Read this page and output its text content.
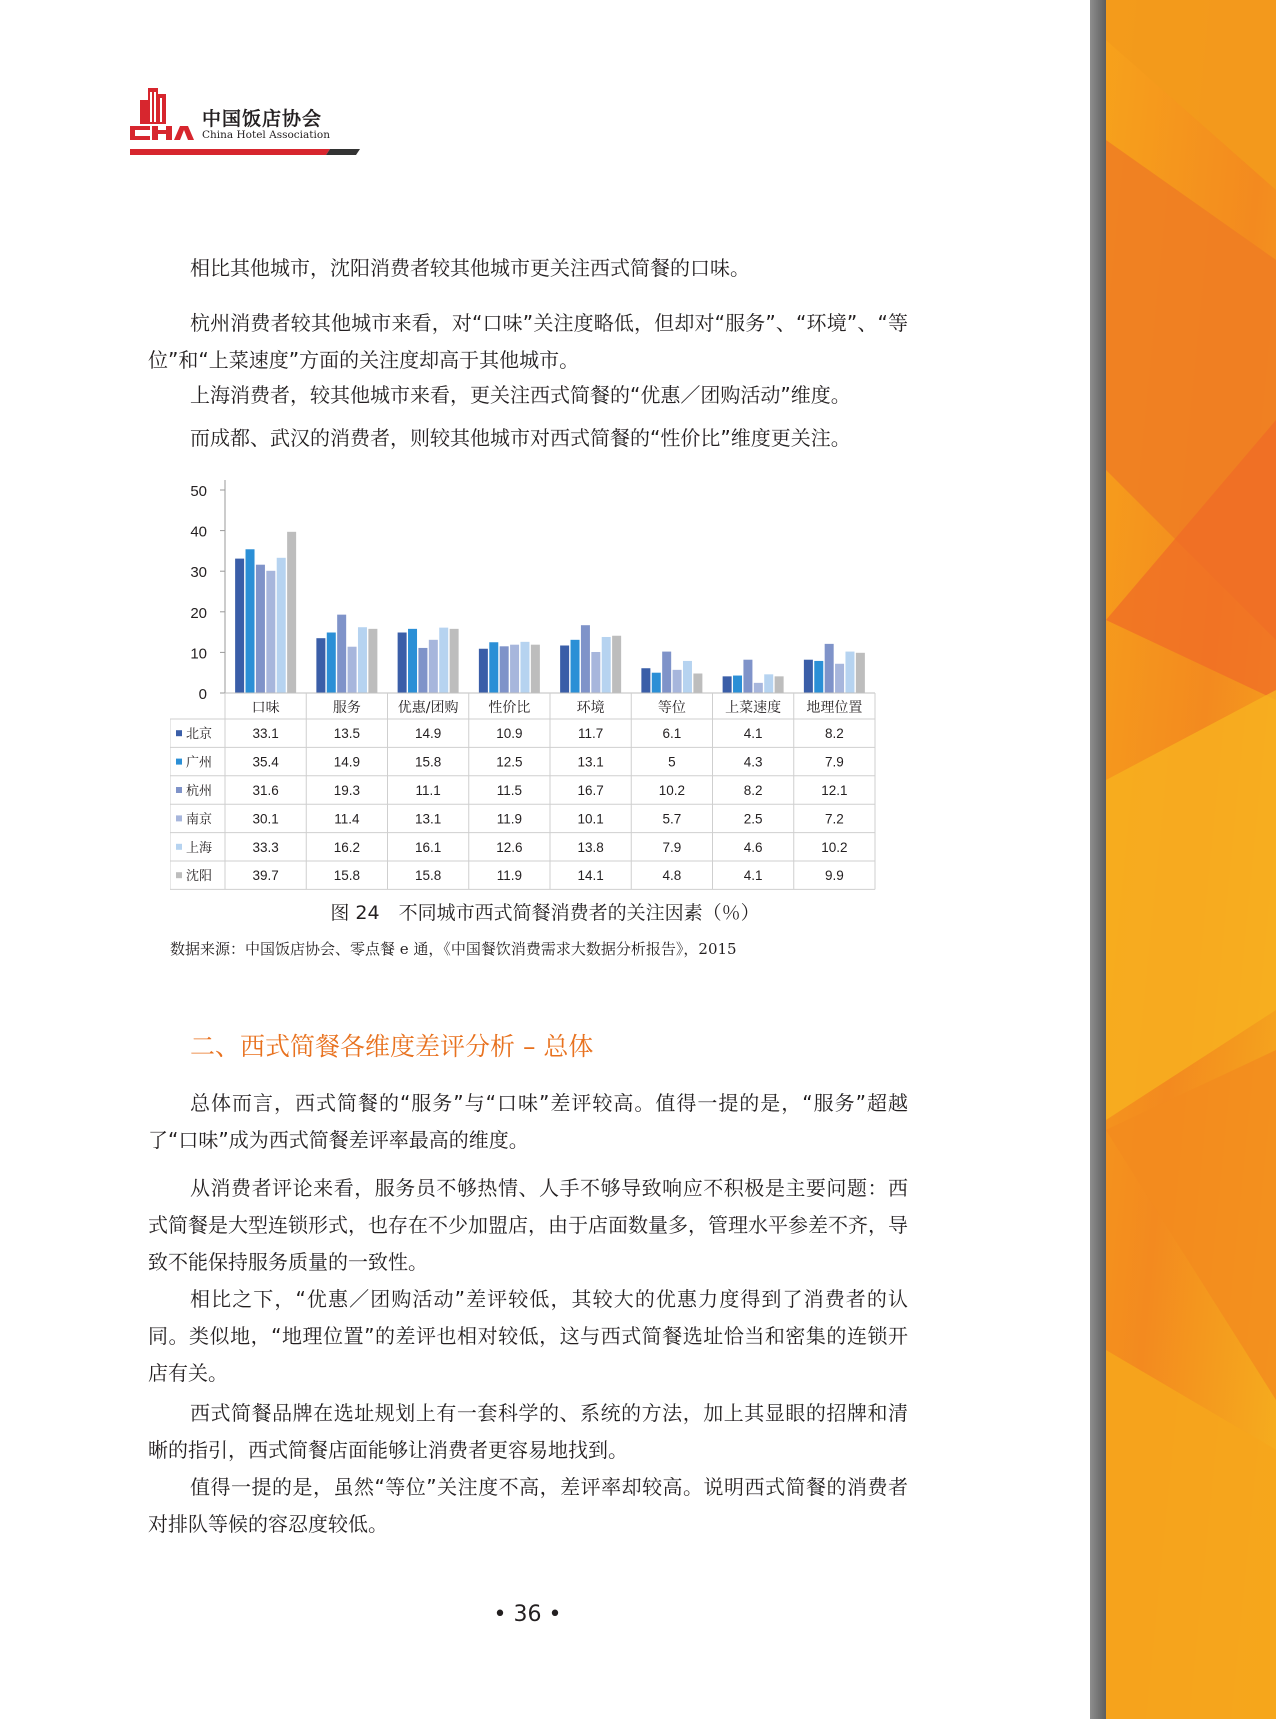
中国饭店协会
China Hotel Association

相比其他城市，沈阳消费者较其他城市更关注西式简餐的口味。

杭州消费者较其他城市来看，对“口味”关注度略低，但却对“服务”、“环境”、“等位”和“上菜速度”方面的关注度却高于其他城市。

上海消费者，较其他城市来看，更关注西式简餐的“优惠／团购活动”维度。

而成都、武汉的消费者，则较其他城市对西式简餐的“性价比”维度更关注。

0
10
20
30
40
50
口味	服务	优惠/团购 性价比	环境	等位	上菜速度 地理位置
北京	33.1	13.5	14.9	10.9	11.7	6.1	4.1	8.2
广州	35.4	14.9	15.8	12.5	13.1	5	4.3	7.9
杭州	31.6	19.3	11.1	11.5	16.7	10.2	8.2	12.1
南京	30.1	11.4	13.1	11.9	10.1	5.7	2.5	7.2
上海	33.3	16.2	16.1	12.6	13.8	7.9	4.6	10.2
沈阳	39.7	15.8	15.8	11.9	14.1	4.8	4.1	9.9
图 24　不同城市西式简餐消费者的关注因素（％）
数据来源：中国饭店协会、零点餐 e 通，《中国餐饮消费需求大数据分析报告》，2015
二、西式简餐各维度差评分析 – 总体

总体而言，西式简餐的“服务”与“口味”差评较高。值得一提的是，“服务”超越了“口味”成为西式简餐差评率最高的维度。

从消费者评论来看，服务员不够热情、人手不够导致响应不积极是主要问题：西式简餐是大型连锁形式，也存在不少加盟店，由于店面数量多，管理水平参差不齐，导致不能保持服务质量的一致性。

相比之下，“优惠／团购活动”差评较低，其较大的优惠力度得到了消费者的认同。类似地，“地理位置”的差评也相对较低，这与西式简餐选址恰当和密集的连锁开店有关。

西式简餐品牌在选址规划上有一套科学的、系统的方法，加上其显眼的招牌和清晰的指引，西式简餐店面能够让消费者更容易地找到。

值得一提的是，虽然“等位”关注度不高，差评率却较高。说明西式简餐的消费者对排队等候的容忍度较低。

• 36 •
